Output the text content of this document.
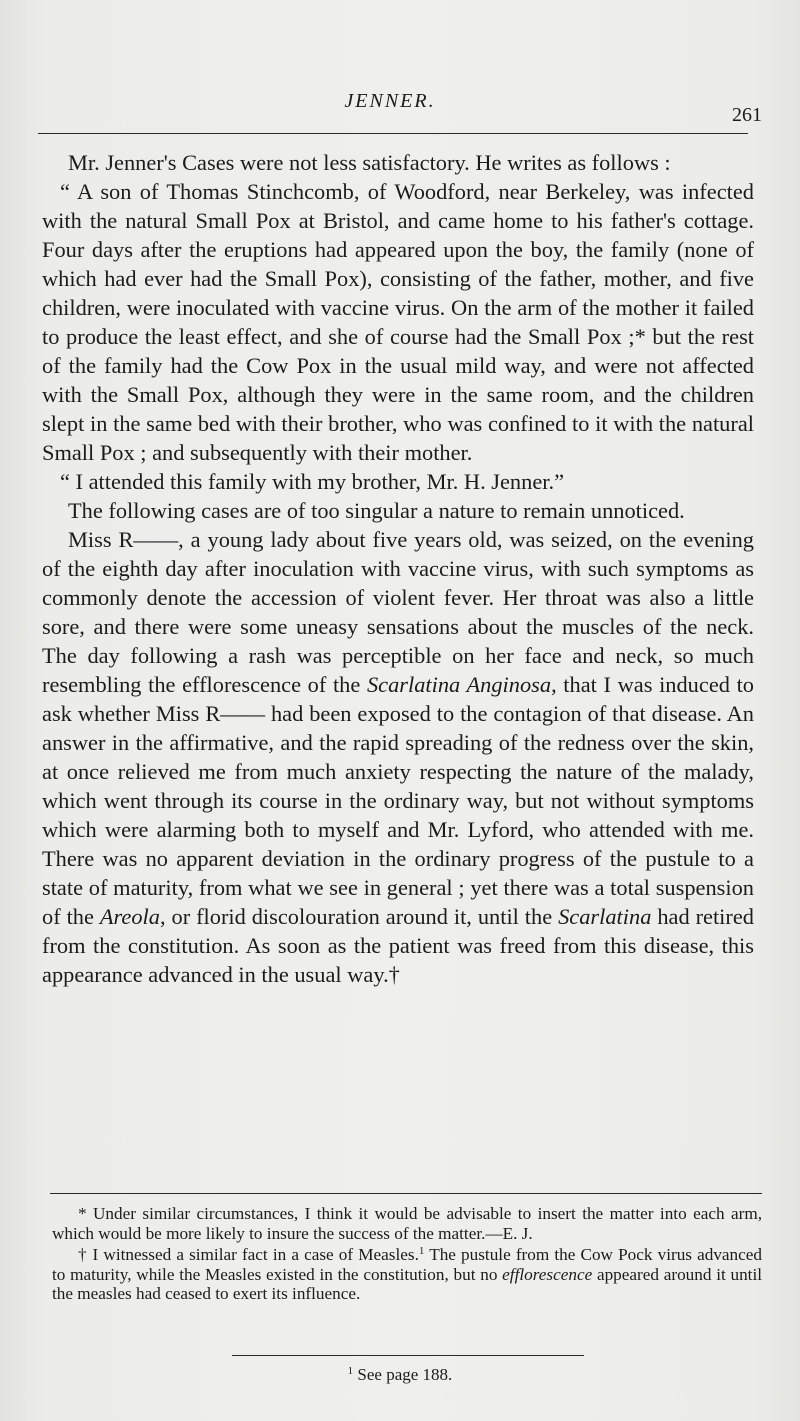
JENNER.
261

Mr. Jenner's Cases were not less satisfactory. He writes as follows :

“ A son of Thomas Stinchcomb, of Woodford, near Berkeley, was infected with the natural Small Pox at Bristol, and came home to his father's cottage. Four days after the eruptions had appeared upon the boy, the family (none of which had ever had the Small Pox), consisting of the father, mother, and five children, were inoculated with vaccine virus. On the arm of the mother it failed to produce the least effect, and she of course had the Small Pox ;* but the rest of the family had the Cow Pox in the usual mild way, and were not affected with the Small Pox, although they were in the same room, and the children slept in the same bed with their brother, who was confined to it with the natural Small Pox ; and subsequently with their mother.

“ I attended this family with my brother, Mr. H. Jenner.”

The following cases are of too singular a nature to remain unnoticed.

Miss R——, a young lady about five years old, was seized, on the evening of the eighth day after inoculation with vaccine virus, with such symptoms as commonly denote the accession of violent fever. Her throat was also a little sore, and there were some uneasy sensations about the muscles of the neck. The day following a rash was perceptible on her face and neck, so much resembling the efflorescence of the Scarlatina Anginosa, that I was induced to ask whether Miss R—— had been exposed to the contagion of that disease. An answer in the affirmative, and the rapid spreading of the redness over the skin, at once relieved me from much anxiety respecting the nature of the malady, which went through its course in the ordinary way, but not without symptoms which were alarming both to myself and Mr. Lyford, who attended with me. There was no apparent deviation in the ordinary progress of the pustule to a state of maturity, from what we see in general ; yet there was a total suspension of the Areola, or florid discolouration around it, until the Scarlatina had retired from the constitution. As soon as the patient was freed from this disease, this appearance advanced in the usual way.†

* Under similar circumstances, I think it would be advisable to insert the matter into each arm, which would be more likely to insure the success of the matter.—E. J.

† I witnessed a similar fact in a case of Measles.$^1$ The pustule from the Cow Pock virus advanced to maturity, while the Measles existed in the constitution, but no efflorescence appeared around it until the measles had ceased to exert its influence.

$^1$ See page 188.
